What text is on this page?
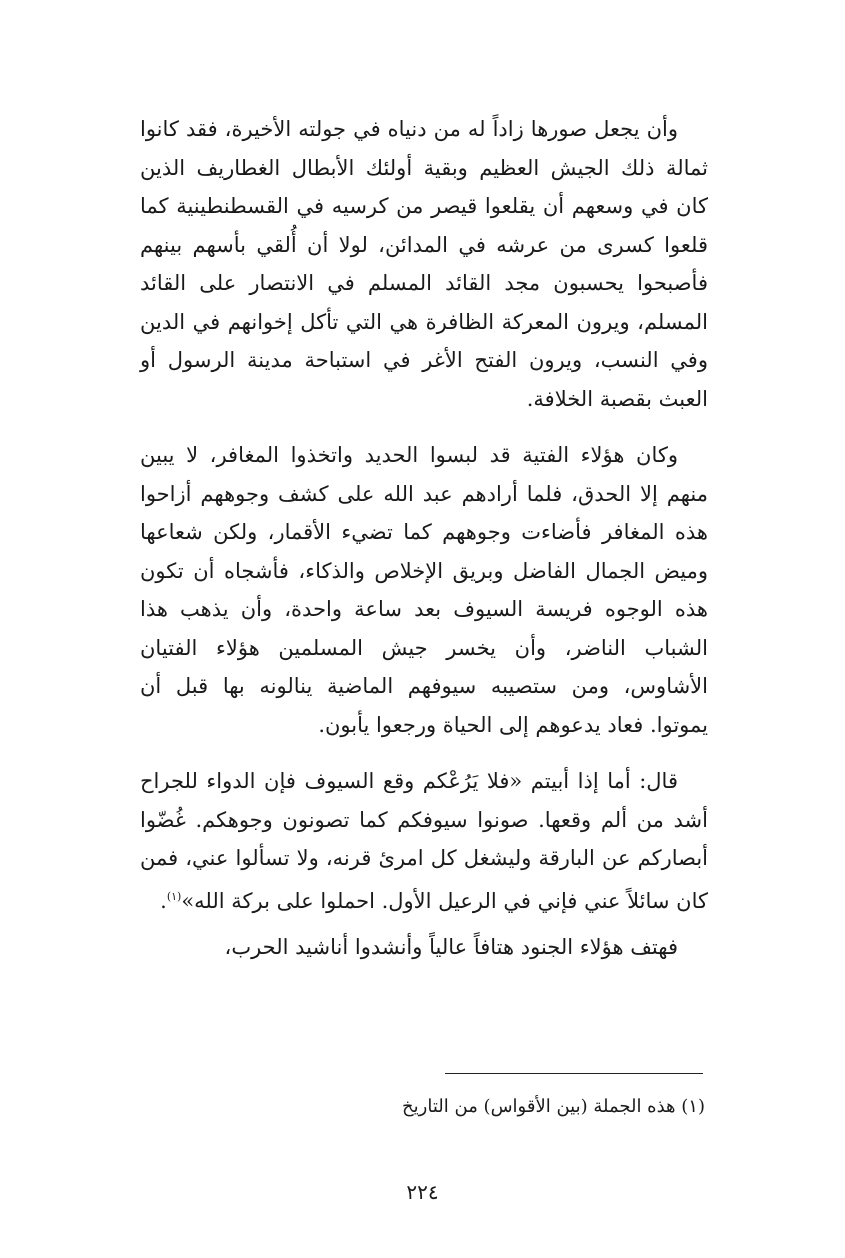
وأن يجعل صورها زاداً له من دنياه في جولته الأخيرة، فقد كانوا ثمالة ذلك الجيش العظيم وبقية أولئك الأبطال الغطاريف الذين كان في وسعهم أن يقلعوا قيصر من كرسيه في القسطنطينية كما قلعوا كسرى من عرشه في المدائن، لولا أن أُلقي بأسهم بينهم فأصبحوا يحسبون مجد القائد المسلم في الانتصار على القائد المسلم، ويرون المعركة الظافرة هي التي تأكل إخوانهم في الدين وفي النسب، ويرون الفتح الأغر في استباحة مدينة الرسول أو العبث بقصبة الخلافة.

وكان هؤلاء الفتية قد لبسوا الحديد واتخذوا المغافر، لا يبين منهم إلا الحدق، فلما أرادهم عبد الله على كشف وجوههم أزاحوا هذه المغافر فأضاءت وجوههم كما تضيء الأقمار، ولكن شعاعها وميض الجمال الفاضل وبريق الإخلاص والذكاء، فأشجاه أن تكون هذه الوجوه فريسة السيوف بعد ساعة واحدة، وأن يذهب هذا الشباب الناضر، وأن يخسر جيش المسلمين هؤلاء الفتيان الأشاوس، ومن ستصيبه سيوفهم الماضية ينالونه بها قبل أن يموتوا. فعاد يدعوهم إلى الحياة ورجعوا يأبون.

قال: أما إذا أبيتم «فلا يَرُعْكم وقع السيوف فإن الدواء للجراح أشد من ألم وقعها. صونوا سيوفكم كما تصونون وجوهكم. غُضّوا أبصاركم عن البارقة وليشغل كل امرئ قرنه، ولا تسألوا عني، فمن كان سائلاً عني فإني في الرعيل الأول. احملوا على بركة الله»$^{(١)}$.

فهتف هؤلاء الجنود هتافاً عالياً وأنشدوا أناشيد الحرب،

(١) هذه الجملة (بين الأقواس) من التاريخ
٢٢٤
